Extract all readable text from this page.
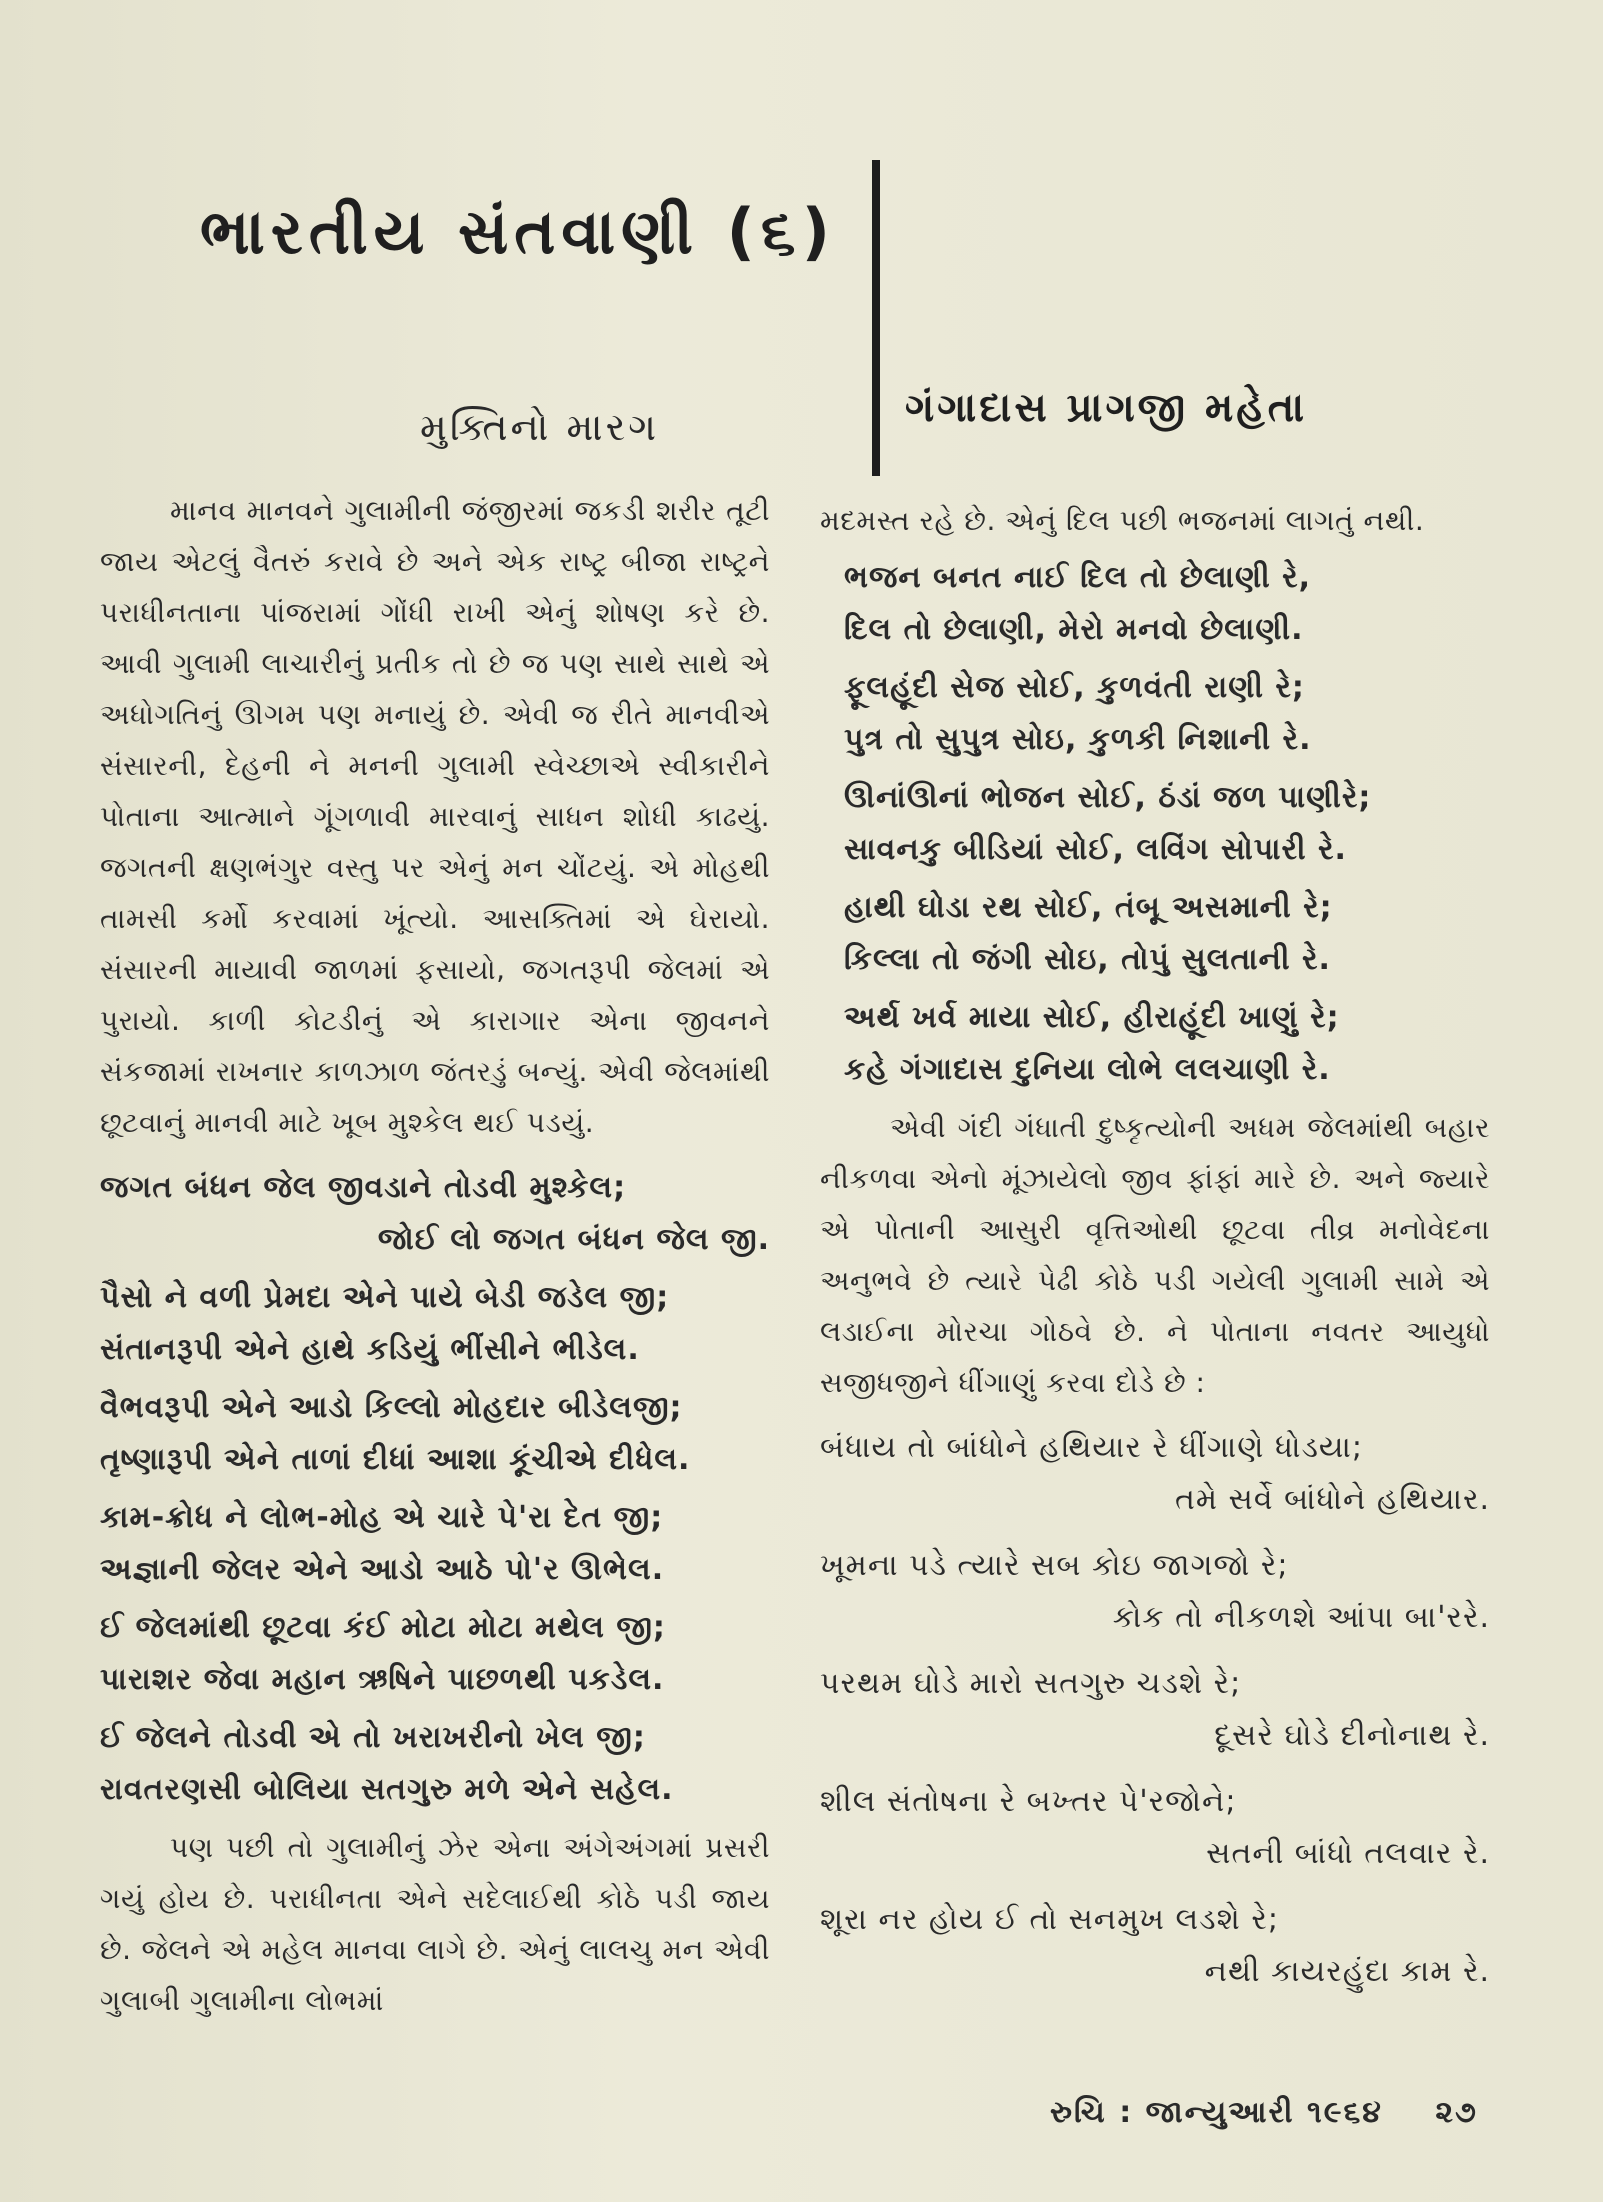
ભારતીય સંતવાણી (૬)
ગંગાદાસ પ્રાગજી મહેતા
મુક્તિનો મારગ

માનવ માનવને ગુલામીની જંજીરમાં જકડી શરીર તૂટી જાય એટલું વૈતરું કરાવે છે અને એક રાષ્ટ્ર બીજા રાષ્ટ્રને પરાધીનતાના પાંજરામાં ગોંધી રાખી એનું શોષણ કરે છે. આવી ગુલામી લાચારીનું પ્રતીક તો છે જ પણ સાથે સાથે એ અધોગતિનું ઊગમ પણ મનાયું છે. એવી જ રીતે માનવીએ સંસારની, દેહની ને મનની ગુલામી સ્વેચ્છાએ સ્વીકારીને પોતાના આત્માને ગૂંગળાવી મારવાનું સાધન શોધી કાઢયું. જગતની ક્ષણભંગુર વસ્તુ પર એનું મન ચોંટયું. એ મોહથી તામસી કર્મો કરવામાં ખૂંત્યો. આસક્તિમાં એ ઘેરાયો. સંસારની માયાવી જાળમાં ફસાયો, જગતરૂપી જેલમાં એ પુરાયો. કાળી કોટડીનું એ કારાગાર એના જીવનને સંકજામાં રાખનાર કાળઝાળ જંતરડું બન્યું. એવી જેલમાંથી છૂટવાનું માનવી માટે ખૂબ મુશ્કેલ થઈ પડયું.

જગત બંધન જેલ જીવડાને તોડવી મુશ્કેલ;
જોઈ લો જગત બંધન જેલ જી.
પૈસો ને વળી પ્રેમદા એને પાયે બેડી જડેલ જી;
સંતાનરૂપી એને હાથે કડિયું ભીંસીને ભીડેલ.
વૈભવરૂપી એને આડો કિલ્લો મોહદાર બીડેલજી;
તૃષ્ણારૂપી એને તાળાં દીધાં આશા કૂંચીએ દીધેલ.
કામ-ક્રોધ ને લોભ-મોહ એ ચારે પે'રા દેત જી;
અજ્ઞાની જેલર એને આડો આઠે પો'ર ઊભેલ.
ઈ જેલમાંથી છૂટવા કંઈ મોટા મોટા મથેલ જી;
પારાશર જેવા મહાન ઋષિને પાછળથી પકડેલ.
ઈ જેલને તોડવી એ તો ખરાખરીનો ખેલ જી;
રાવતરણસી બોલિયા સતગુરુ મળે એને સહેલ.

પણ પછી તો ગુલામીનું ઝેર એના અંગેઅંગમાં પ્રસરી ગયું હોય છે. પરાધીનતા એને સદેલાઈથી કોઠે પડી જાય છે. જેલને એ મહેલ માનવા લાગે છે. એનું લાલચુ મન એવી ગુલાબી ગુલામીના લોભમાં

મદમસ્ત રહે છે. એનું દિલ પછી ભજનમાં લાગતું નથી.

ભજન બનત નાઈ દિલ તો છેલાણી રે,
દિલ તો છેલાણી, મેરો મનવો છેલાણી.
ફૂલહૂંદી સેજ સોઈ, કુળવંતી રાણી રે;
પુત્ર તો સુપુત્ર સોઇ, કુળકી નિશાની રે.
ઊનાંઊનાં ભોજન સોઈ, ઠંડાં જળ પાણીરે;
સાવનકુ બીડિયાં સોઈ, લવિંગ સોપારી રે.
હાથી ઘોડા રથ સોઈ, તંબૂ અસમાની રે;
કિલ્લા તો જંગી સોઇ, તોપું સુલતાની રે.
અર્થ ખર્વ માયા સોઈ, હીરાહૂંદી ખાણું રે;
કહે ગંગાદાસ દુનિયા લોભે લલચાણી રે.

એવી ગંદી ગંધાતી દુષ્કૃત્યોની અધમ જેલમાંથી બહાર નીકળવા એનો મૂંઝાયેલો જીવ ફાંફાં મારે છે. અને જ્યારે એ પોતાની આસુરી વૃત્તિઓથી છૂટવા તીવ્ર મનોવેદના અનુભવે છે ત્યારે પેઢી કોઠે પડી ગયેલી ગુલામી સામે એ લડાઈના મોરચા ગોઠવે છે. ને પોતાના નવતર આયુધો સજીધજીને ધીંગાણું કરવા દોડે છે :

બંધાય તો બાંધોને હથિયાર રે ધીંગાણે ધોડયા;
તમે સર્વે બાંધોને હથિયાર.
ખૂમના પડે ત્યારે સબ કોઇ જાગજો રે;
કોક તો નીકળશે આંપા બા'રરે.
પરથમ ઘોડે મારો સતગુરુ ચડશે રે;
દૂસરે ઘોડે દીનોનાથ રે.
શીલ સંતોષના રે બખ્તર પે'રજોને;
સતની બાંધો તલવાર રે.
શૂરા નર હોય ઈ તો સનમુખ લડશે રે;
નથી કાયરહુંદા કામ રે.
રુચિ : જાન્યુઆરી ૧૯૬૪ ૨૭
